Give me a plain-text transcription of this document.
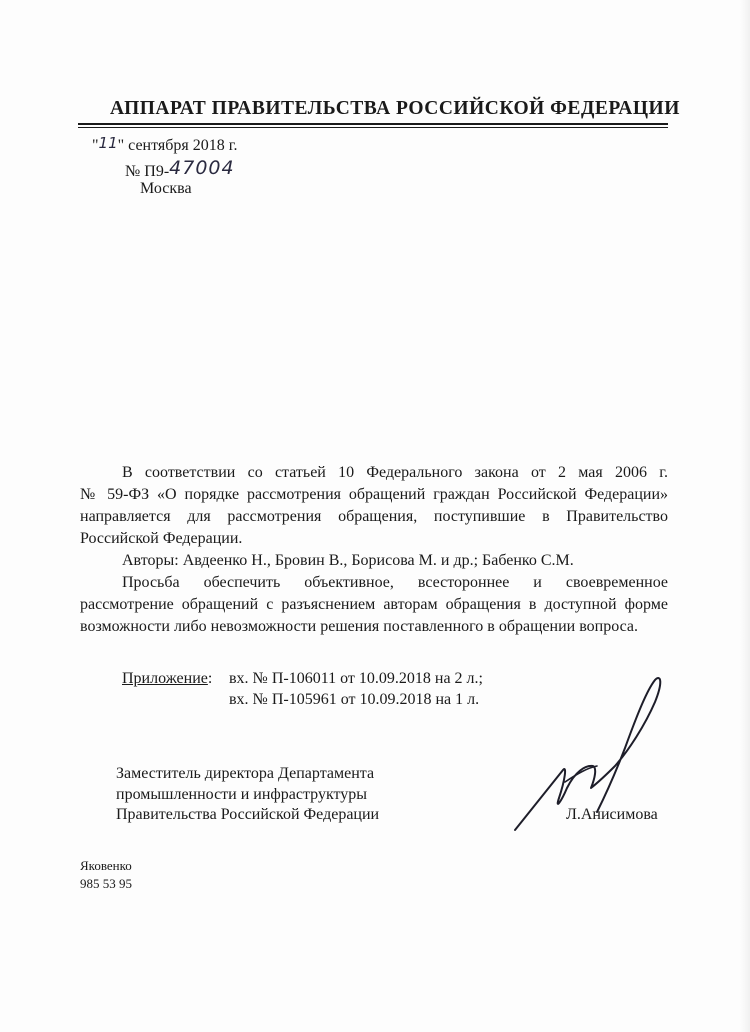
АППАРАТ ПРАВИТЕЛЬСТВА РОССИЙСКОЙ ФЕДЕРАЦИИ
"11" сентября 2018 г.
№ П9-47004
Москва

В соответствии со статьей 10 Федерального закона от 2 мая 2006 г.

№ 59-ФЗ «О порядке рассмотрения обращений граждан Российской Федерации»

направляется для рассмотрения обращения, поступившие в Правительство

Российской Федерации.

Авторы: Авдеенко Н., Бровин В., Борисова М. и др.; Бабенко С.М.

Просьба обеспечить объективное, всестороннее и своевременное

рассмотрение обращений с разъяснением авторам обращения в доступной форме

возможности либо невозможности решения поставленного в обращении вопроса.

Приложение: вх. № П-106011 от 10.09.2018 на 2 л.;
вх. № П-105961 от 10.09.2018 на 1 л.
Заместитель директора Департамента
промышленности и инфраструктуры
Правительства Российской Федерации	Л.Анисимова
Яковенко
985 53 95
